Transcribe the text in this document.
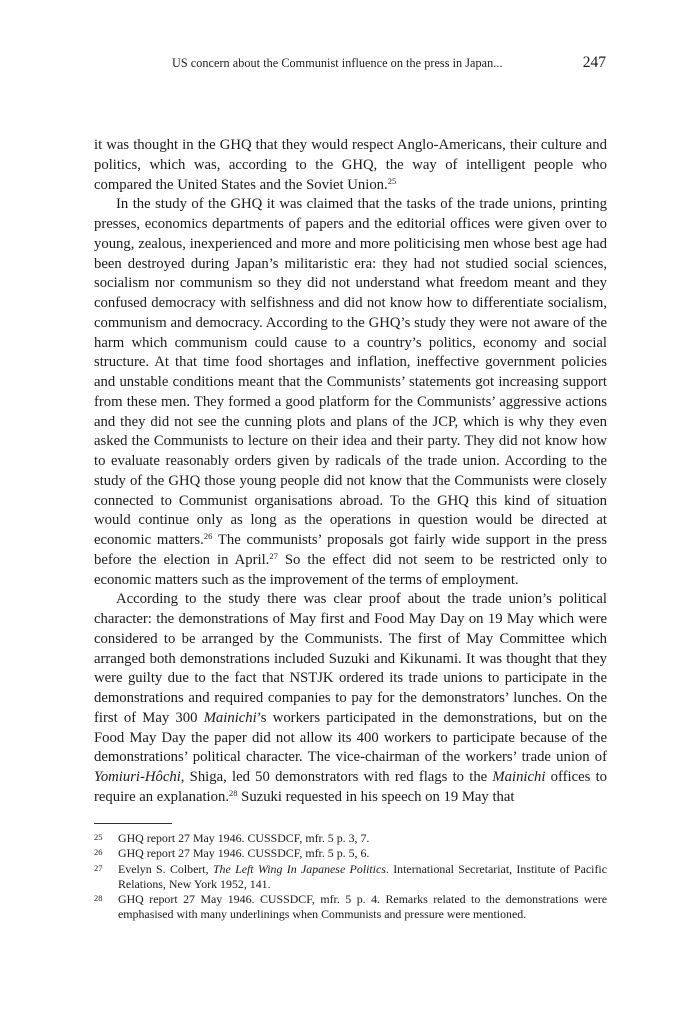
US concern about the Communist influence on the press in Japan...	247

it was thought in the GHQ that they would respect Anglo-Americans, their culture and politics, which was, according to the GHQ, the way of intelligent people who compared the United States and the Soviet Union.$^{25}$

In the study of the GHQ it was claimed that the tasks of the trade unions, printing presses, economics departments of papers and the editorial offices were given over to young, zealous, inexperienced and more and more politicising men whose best age had been destroyed during Japan’s militaristic era: they had not studied social sciences, socialism nor communism so they did not understand what freedom meant and they confused democracy with selfishness and did not know how to differentiate socialism, communism and democracy. According to the GHQ’s study they were not aware of the harm which communism could cause to a country’s politics, economy and social structure. At that time food shortages and inflation, ineffective government policies and unstable conditions meant that the Communists’ statements got increasing support from these men. They formed a good platform for the Communists’ aggressive actions and they did not see the cunning plots and plans of the JCP, which is why they even asked the Communists to lecture on their idea and their party. They did not know how to evaluate reasonably orders given by radicals of the trade union. According to the study of the GHQ those young people did not know that the Communists were closely connected to Communist organisations abroad. To the GHQ this kind of situation would continue only as long as the operations in question would be directed at economic matters.$^{26}$ The communists’ proposals got fairly wide support in the press before the election in April.$^{27}$ So the effect did not seem to be restricted only to economic matters such as the improvement of the terms of employment.

According to the study there was clear proof about the trade union’s political character: the demonstrations of May first and Food May Day on 19 May which were considered to be arranged by the Communists. The first of May Committee which arranged both demonstrations included Suzuki and Kikunami. It was thought that they were guilty due to the fact that NSTJK ordered its trade unions to participate in the demonstrations and required companies to pay for the demonstrators’ lunches. On the first of May 300 Mainichi’s workers participated in the demonstrations, but on the Food May Day the paper did not allow its 400 workers to participate because of the demonstrations’ political character. The vice-chairman of the workers’ trade union of Yomiuri-Hôchi, Shiga, led 50 demonstrators with red flags to the Mainichi offices to require an explanation.$^{28}$ Suzuki requested in his speech on 19 May that

25 GHQ report 27 May 1946. CUSSDCF, mfr. 5 p. 3, 7.
26 GHQ report 27 May 1946. CUSSDCF, mfr. 5 p. 5, 6.
27 Evelyn S. Colbert, The Left Wing In Japanese Politics. International Secretariat, Institute of Pacific Relations, New York 1952, 141.
28 GHQ report 27 May 1946. CUSSDCF, mfr. 5 p. 4. Remarks related to the demonstrations were emphasised with many underlinings when Communists and pressure were mentioned.
